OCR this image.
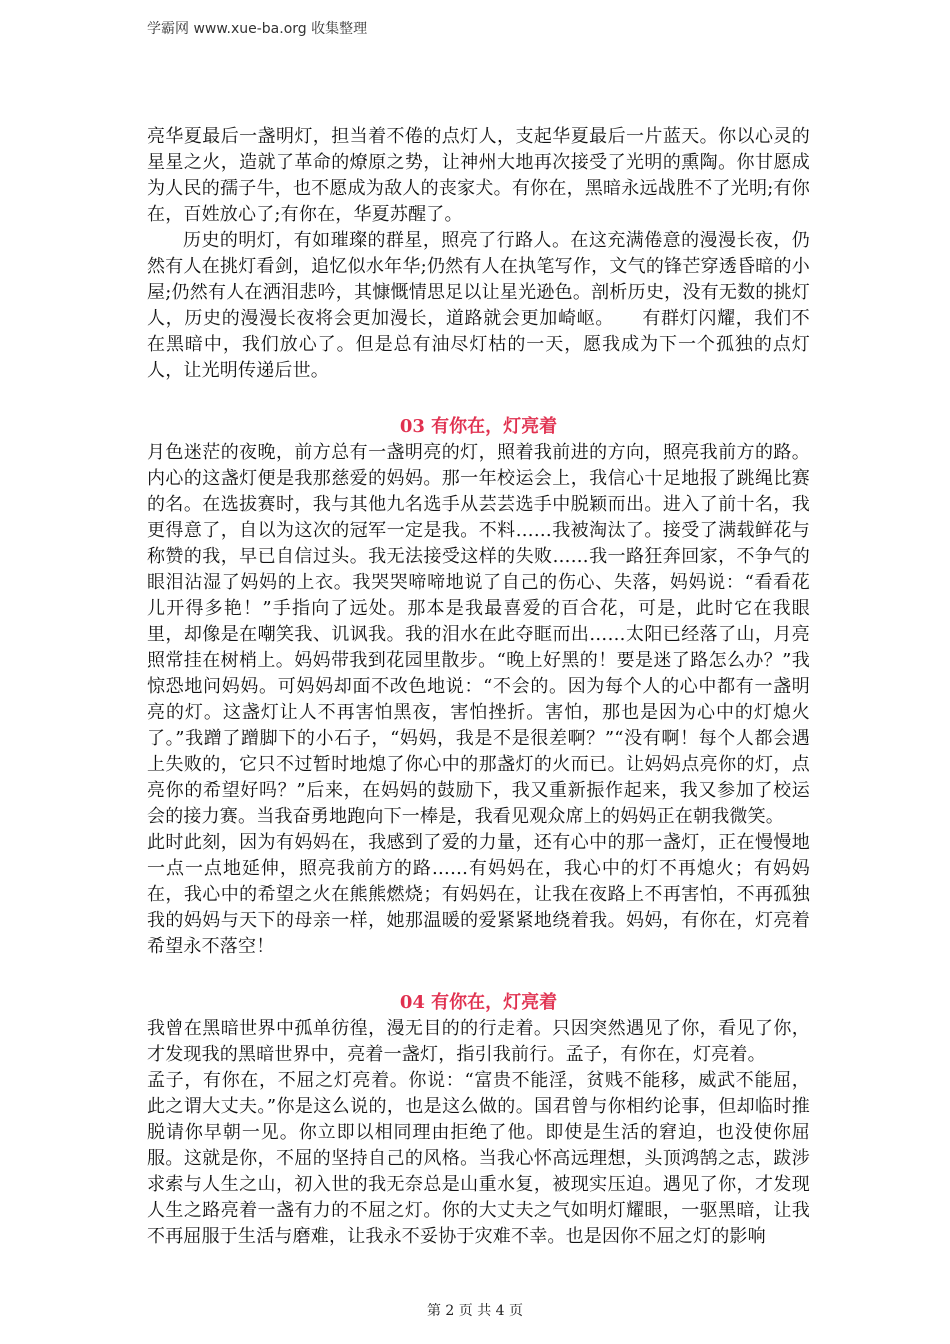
学霸网 www.xue-ba.org 收集整理

亮华夏最后一盏明灯，担当着不倦的点灯人，支起华夏最后一片蓝天。你以心灵的星星之火，造就了革命的燎原之势，让神州大地再次接受了光明的熏陶。你甘愿成为人民的孺子牛，也不愿成为敌人的丧家犬。有你在，黑暗永远战胜不了光明;有你在，百姓放心了;有你在，华夏苏醒了。

历史的明灯，有如璀璨的群星，照亮了行路人。在这充满倦意的漫漫长夜，仍然有人在挑灯看剑，追忆似水年华;仍然有人在执笔写作，文气的锋芒穿透昏暗的小屋;仍然有人在洒泪悲吟，其慷慨情思足以让星光逊色。剖析历史，没有无数的挑灯人，历史的漫漫长夜将会更加漫长，道路就会更加崎岖。　　有群灯闪耀，我们不在黑暗中，我们放心了。但是总有油尽灯枯的一天，愿我成为下一个孤独的点灯人，让光明传递后世。

03 有你在，灯亮着

月色迷茫的夜晚，前方总有一盏明亮的灯，照着我前进的方向，照亮我前方的路。内心的这盏灯便是我那慈爱的妈妈。那一年校运会上，我信心十足地报了跳绳比赛的名。在选拔赛时，我与其他九名选手从芸芸选手中脱颖而出。进入了前十名，我更得意了，自以为这次的冠军一定是我。不料……我被淘汰了。接受了满载鲜花与称赞的我，早已自信过头。我无法接受这样的失败……我一路狂奔回家，不争气的眼泪沾湿了妈妈的上衣。我哭哭啼啼地说了自己的伤心、失落，妈妈说：“看看花儿开得多艳！”手指向了远处。那本是我最喜爱的百合花，可是，此时它在我眼里，却像是在嘲笑我、讥讽我。我的泪水在此夺眶而出……太阳已经落了山，月亮照常挂在树梢上。妈妈带我到花园里散步。“晚上好黑的！要是迷了路怎么办？”我惊恐地问妈妈。可妈妈却面不改色地说：“不会的。因为每个人的心中都有一盏明亮的灯。这盏灯让人不再害怕黑夜，害怕挫折。害怕，那也是因为心中的灯熄火了。”我蹭了蹭脚下的小石子，“妈妈，我是不是很差啊？”“没有啊！每个人都会遇上失败的，它只不过暂时地熄了你心中的那盏灯的火而已。让妈妈点亮你的灯，点亮你的希望好吗？”后来，在妈妈的鼓励下，我又重新振作起来，我又参加了校运会的接力赛。当我奋勇地跑向下一棒是，我看见观众席上的妈妈正在朝我微笑。

此时此刻，因为有妈妈在，我感到了爱的力量，还有心中的那一盏灯，正在慢慢地一点一点地延伸，照亮我前方的路……有妈妈在，我心中的灯不再熄火；有妈妈在，我心中的希望之火在熊熊燃烧；有妈妈在，让我在夜路上不再害怕，不再孤独我的妈妈与天下的母亲一样，她那温暖的爱紧紧地绕着我。妈妈，有你在，灯亮着希望永不落空！

04 有你在，灯亮着

我曾在黑暗世界中孤单彷徨，漫无目的的行走着。只因突然遇见了你，看见了你，才发现我的黑暗世界中，亮着一盏灯，指引我前行。孟子，有你在，灯亮着。

孟子，有你在，不屈之灯亮着。你说：“富贵不能淫，贫贱不能移，威武不能屈，此之谓大丈夫。”你是这么说的，也是这么做的。国君曾与你相约论事，但却临时推脱请你早朝一见。你立即以相同理由拒绝了他。即使是生活的窘迫，也没使你屈服。这就是你，不屈的坚持自己的风格。当我心怀高远理想，头顶鸿鹄之志，跋涉求索与人生之山，初入世的我无奈总是山重水复，被现实压迫。遇见了你，才发现人生之路亮着一盏有力的不屈之灯。你的大丈夫之气如明灯耀眼，一驱黑暗，让我不再屈服于生活与磨难，让我永不妥协于灾难不幸。也是因你不屈之灯的影响

第 2 页 共 4 页
